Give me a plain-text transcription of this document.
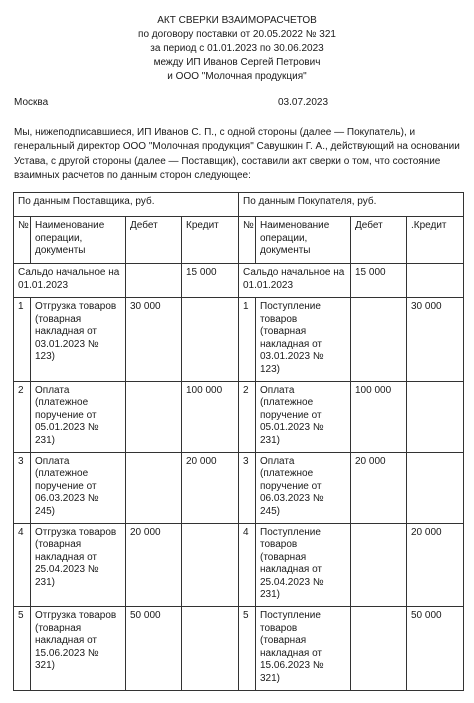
АКТ СВЕРКИ ВЗАИМОРАСЧЕТОВ
по договору поставки от 20.05.2022 № 321
за период с 01.01.2023 по 30.06.2023
между ИП Иванов Сергей Петрович
и ООО "Молочная продукция"
Москва	03.07.2023
Мы, нижеподписавшиеся, ИП Иванов С. П., с одной стороны (далее — Покупатель), и генеральный директор ООО "Молочная продукция" Савушкин Г. А., действующий на основании Устава, с другой стороны (далее — Поставщик), составили акт сверки о том, что состояние взаимных расчетов по данным сторон следующее:
По данным Поставщика, руб.				По данным Покупателя, руб.			
№	Наименование операции, документы	Дебет	Кредит	№	Наименование операции, документы	Дебет	.Кредит
Сальдо начальное на 01.01.2023			15 000	Сальдо начальное на 01.01.2023		15 000	
1	Отгрузка товаров (товарная накладная от 03.01.2023 № 123)	30 000		1	Поступление товаров (товарная накладная от 03.01.2023 № 123)		30 000
2	Оплата (платежное поручение от 05.01.2023 № 231)		100 000	2	Оплата (платежное поручение от 05.01.2023 № 231)	100 000	
3	Оплата (платежное поручение от 06.03.2023 № 245)		20 000	3	Оплата (платежное поручение от 06.03.2023 № 245)	20 000	
4	Отгрузка товаров (товарная накладная от 25.04.2023 № 231)	20 000		4	Поступление товаров (товарная накладная от 25.04.2023 № 231)		20 000
5	Отгрузка товаров (товарная накладная от 15.06.2023 № 321)	50 000		5	Поступление товаров (товарная накладная от 15.06.2023 № 321)		50 000
